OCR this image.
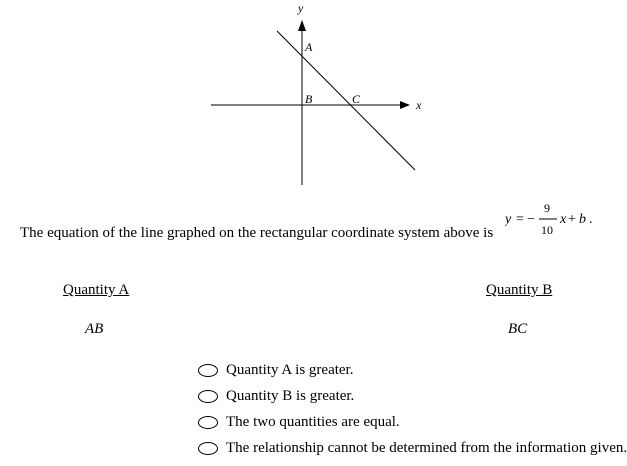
y
x
A
B	C
The equation of the line graphed on the rectangular coordinate system above is
y = −
9
10
x + b .
Quantity A	Quantity B
AB	BC
Quantity A is greater.
Quantity B is greater.
The two quantities are equal.
The relationship cannot be determined from the information given.
